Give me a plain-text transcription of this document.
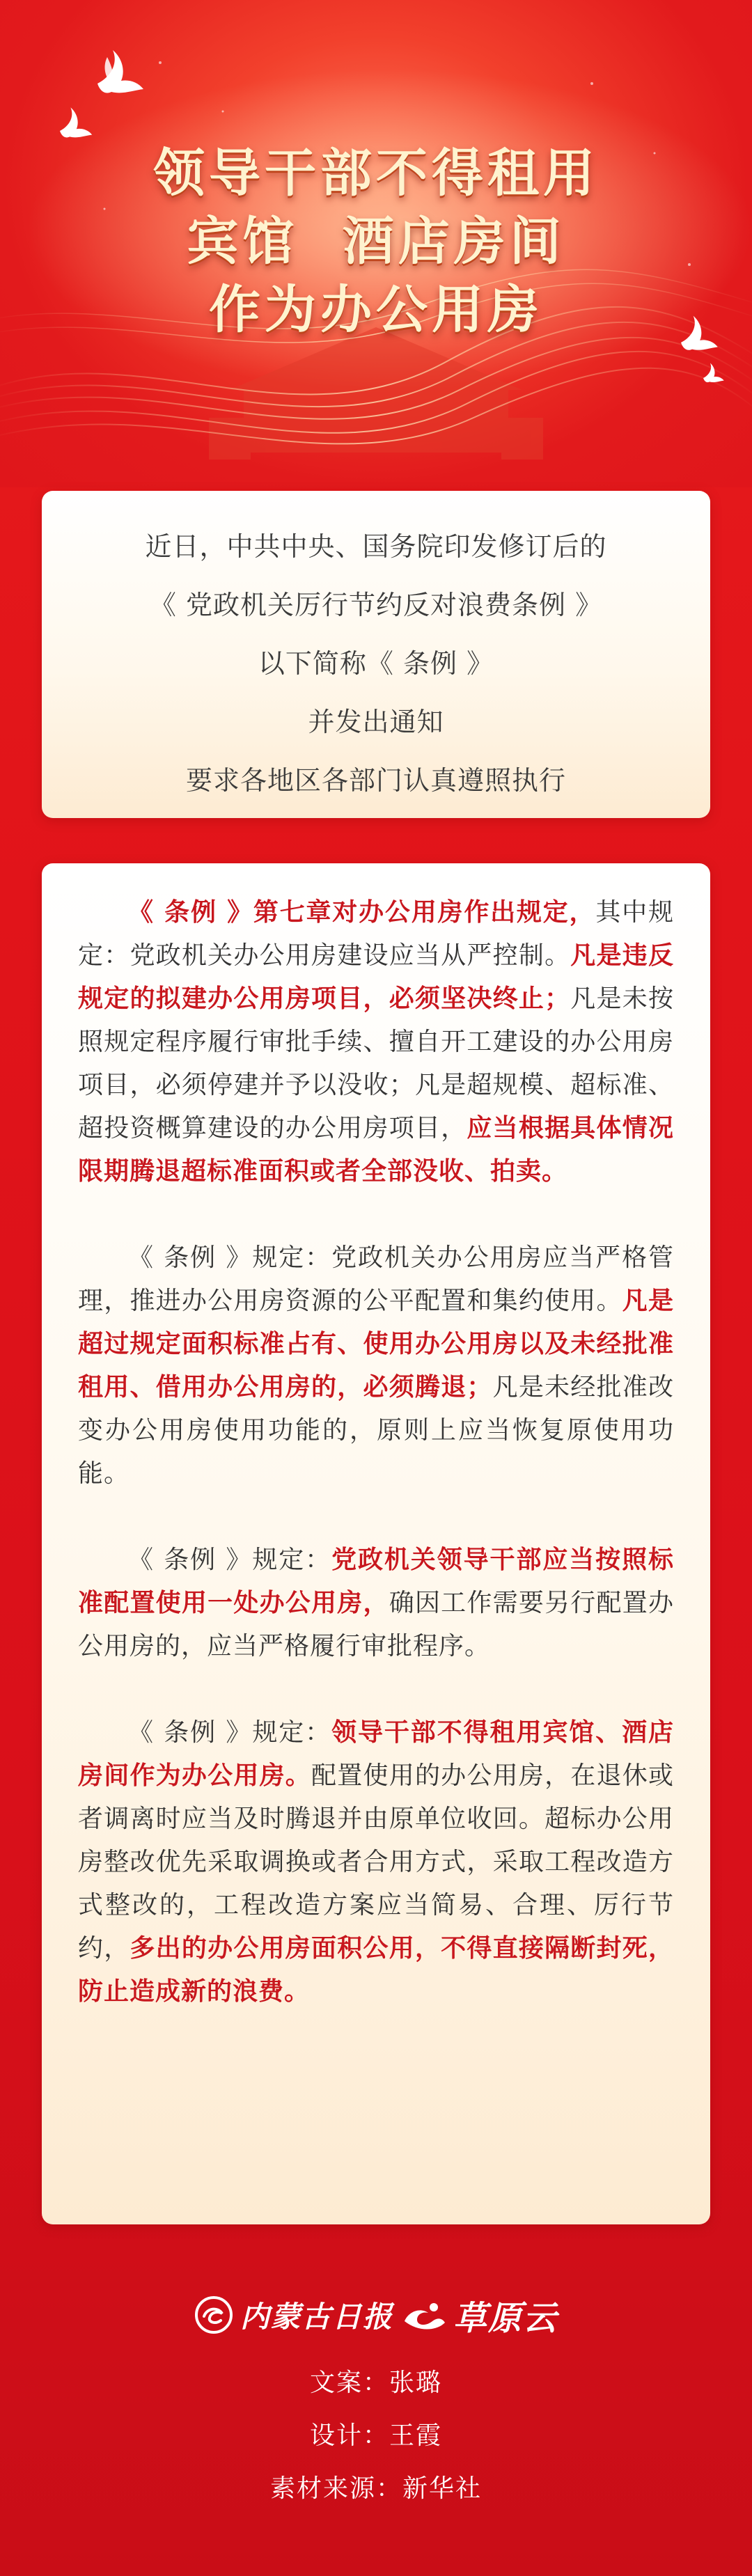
领导干部不得租用
宾馆  酒店房间
作为办公用房

近日，中共中央、国务院印发修订后的

《 党政机关厉行节约反对浪费条例 》

以下简称《 条例 》

并发出通知

要求各地区各部门认真遵照执行

《 条例 》第七章对办公用房作出规定，其中规定：党政机关办公用房建设应当从严控制。凡是违反规定的拟建办公用房项目，必须坚决终止；凡是未按照规定程序履行审批手续、擅自开工建设的办公用房项目，必须停建并予以没收；凡是超规模、超标准、超投资概算建设的办公用房项目，应当根据具体情况限期腾退超标准面积或者全部没收、拍卖。

《 条例 》规定：党政机关办公用房应当严格管理，推进办公用房资源的公平配置和集约使用。凡是超过规定面积标准占有、使用办公用房以及未经批准租用、借用办公用房的，必须腾退；凡是未经批准改变办公用房使用功能的，原则上应当恢复原使用功能。

《 条例 》规定：党政机关领导干部应当按照标准配置使用一处办公用房，确因工作需要另行配置办公用房的，应当严格履行审批程序。

《 条例 》规定：领导干部不得租用宾馆、酒店房间作为办公用房。配置使用的办公用房，在退休或者调离时应当及时腾退并由原单位收回。超标办公用房整改优先采取调换或者合用方式，采取工程改造方式整改的，工程改造方案应当简易、合理、厉行节约，多出的办公用房面积公用，不得直接隔断封死，防止造成新的浪费。

内蒙古日报 草原云
文案：张璐
设计：王霞
素材来源：新华社
